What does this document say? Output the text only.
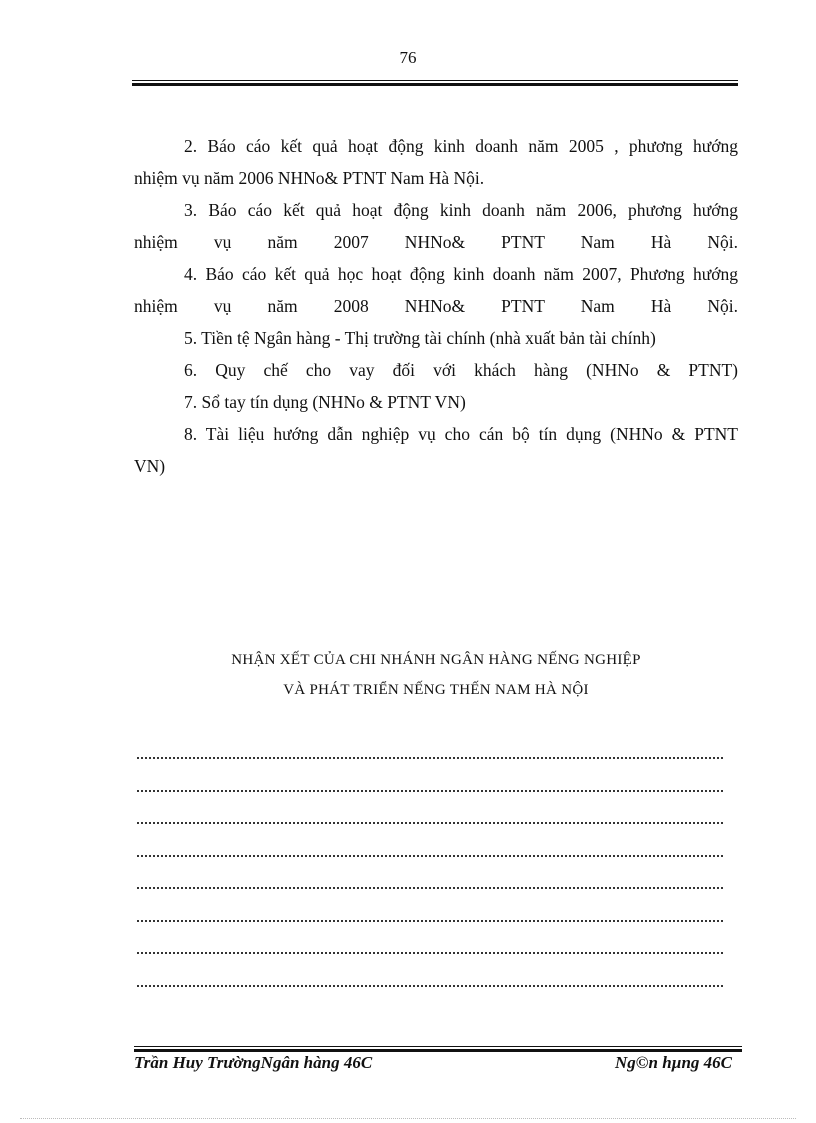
76

2. Báo cáo kết quả hoạt động kinh doanh năm 2005 , phương hướng
nhiệm vụ năm 2006 NHNo& PTNT Nam Hà Nội.

3. Báo cáo kết quả hoạt động kinh doanh năm 2006, phương hướng
nhiệm vụ năm 2007 NHNo& PTNT Nam Hà Nội.

4. Báo cáo kết quả học hoạt động kinh doanh năm 2007, Phương hướng
nhiệm vụ năm 2008 NHNo& PTNT Nam Hà Nội.

5. Tiền tệ Ngân hàng - Thị trường tài chính (nhà xuất bản tài chính)

6. Quy chế cho vay đối với khách hàng (NHNo & PTNT)

7. Sổ tay tín dụng (NHNo & PTNT VN)

8. Tài liệu hướng dẫn nghiệp vụ cho cán bộ tín dụng (NHNo & PTNT
VN)

NHẬN XẾT CỦA CHI NHÁNH NGÂN HÀNG NẾNG NGHIỆP
VÀ PHÁT TRIỂN NẾNG THẾN NAM HÀ NỘI
Trần Huy TrườngNgân hàng 46C	Ng©n hµng 46C
